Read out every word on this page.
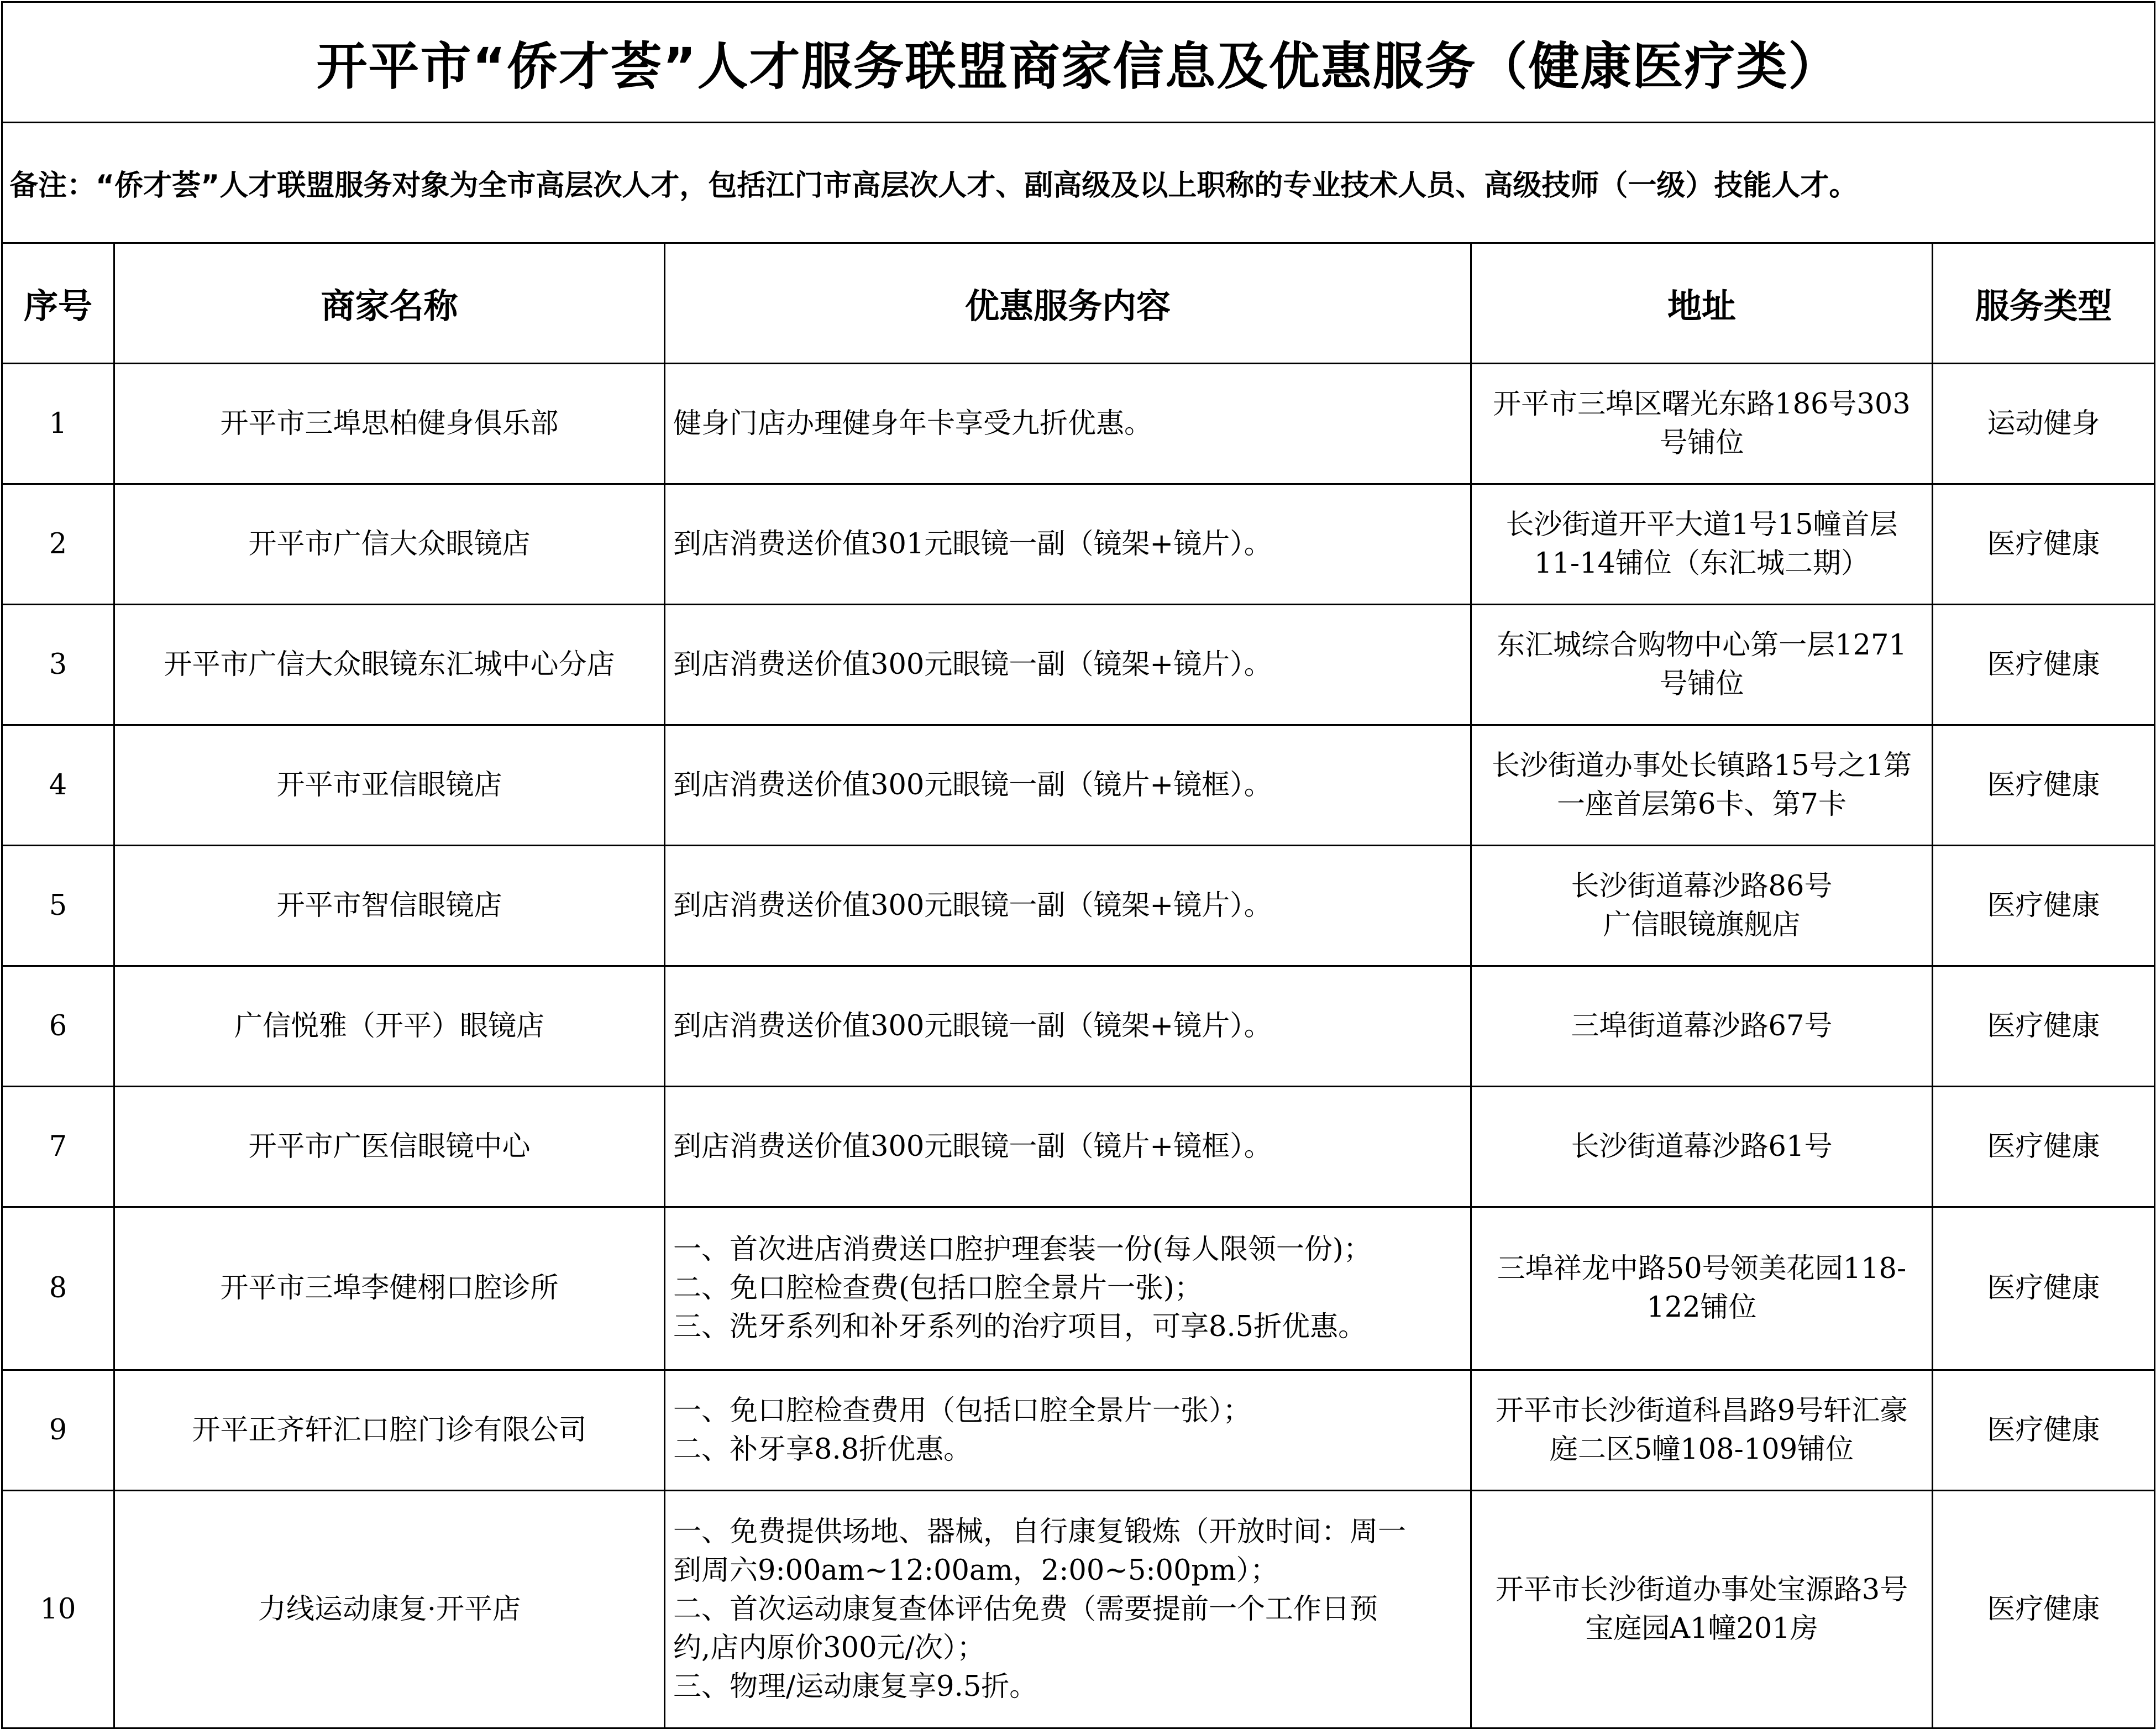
开平市“侨才荟”人才服务联盟商家信息及优惠服务（健康医疗类）				
备注：“侨才荟”人才联盟服务对象为全市高层次人才，包括江门市高层次人才、副高级及以上职称的专业技术人员、高级技师（一级）技能人才。				
序号	商家名称	优惠服务内容	地址	服务类型
1	开平市三埠思柏健身俱乐部	健身门店办理健身年卡享受九折优惠。	开平市三埠区曙光东路186号303
号铺位	运动健身
2	开平市广信大众眼镜店	到店消费送价值301元眼镜一副（镜架+镜片）。	长沙街道开平大道1号15幢首层
11-14铺位（东汇城二期）	医疗健康
3	开平市广信大众眼镜东汇城中心分店	到店消费送价值300元眼镜一副（镜架+镜片）。	东汇城综合购物中心第一层1271
号铺位	医疗健康
4	开平市亚信眼镜店	到店消费送价值300元眼镜一副（镜片+镜框）。	长沙街道办事处长镇路15号之1第
一座首层第6卡、第7卡	医疗健康
5	开平市智信眼镜店	到店消费送价值300元眼镜一副（镜架+镜片）。	长沙街道幕沙路86号
广信眼镜旗舰店	医疗健康
6	广信悦雅（开平）眼镜店	到店消费送价值300元眼镜一副（镜架+镜片）。	三埠街道幕沙路67号	医疗健康
7	开平市广医信眼镜中心	到店消费送价值300元眼镜一副（镜片+镜框）。	长沙街道幕沙路61号	医疗健康
8	开平市三埠李健栩口腔诊所	一、首次进店消费送口腔护理套装一份(每人限领一份)；
二、免口腔检查费(包括口腔全景片一张)；
三、洗牙系列和补牙系列的治疗项目，可享8.5折优惠。	三埠祥龙中路50号领美花园118-
122铺位	医疗健康
9	开平正齐轩汇口腔门诊有限公司	一、免口腔检查费用（包括口腔全景片一张）；
二、补牙享8.8折优惠。	开平市长沙街道科昌路9号轩汇豪
庭二区5幢108-109铺位	医疗健康
10	力线运动康复·开平店	一、免费提供场地、器械，自行康复锻炼（开放时间：周一
到周六9:00am~12:00am，2:00~5:00pm）；
二、首次运动康复查体评估免费（需要提前一个工作日预
约,店内原价300元/次）；
三、物理/运动康复享9.5折。	开平市长沙街道办事处宝源路3号
宝庭园A1幢201房	医疗健康
